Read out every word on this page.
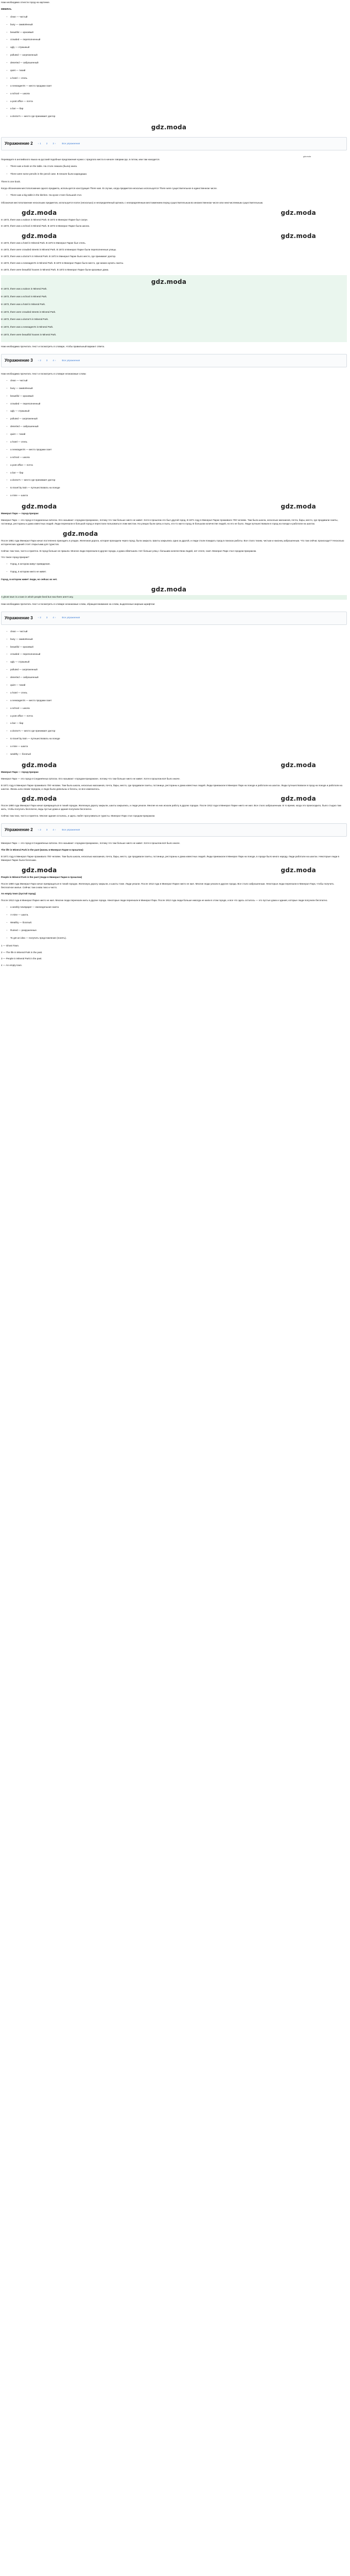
Нам необходимо отнести город на картинке.

MINERAL

– clean — чистый
– busy — оживлённый
– beautiful — красивый
– crowded — переполненный
– ugly — страшный
– polluted — загрязненный
– deserted — заброшенный
– quiet — тихий
– a hotel — отель
– a newsagent's — место продажи газет
– a school — школа
– a post office — почта
– a bar — бар
– a doctor's — место где принимает доктор
gdz.moda
Упражнение 2 ‹ 1 2 3 ›	Все упражнения
gdz.moda

Переведите в английского языка на русский подобные предложения нужно с предлога места в начале говорим где, в потом, кем там находится.

– There was a book on the table. На столе лежала (была) книга.
– There were some pencils in the pencil case. В пенале были карандаши.

There is one book.

Когда обозначаем местоположение одного предмета, используется конструкция There was. В случае, когда предметов несколько используется There were существительное в единственном числе.

– There was a big table in the kitchen. На кухне стоял большой стол.

Обозначая местоположение нескольких предметов, используется some (несколько) и неопределённый артикль с неопределённым местоимением перед существительным во множественном числе или неисчисляемым существительным.

gdz.moda	gdz.moda

In 1872, there was a saloon in Mineral Park. В 1872 в Минерал Парке был салун.

In 1872, there was a school in Mineral Park. В 1872 в Минерал Парке была школа.

gdz.moda	gdz.moda

In 1872, there was a hotel in Mineral Park. В 1872 в Минерал Парке был отель.

In 1872, there were crowded streets in Mineral Park. В 1872 в Минерал Парке были переполненные улицы.

In 1872, there was a doctor's in Mineral Park. В 1872 в Минерал Парке было место, где принимает доктор.

In 1872, there was a newsagent's in Mineral Park. В 1872 в Минерал Парке было место, где можно купить газеты.

In 1872, there were beautiful houses in Mineral Park. В 1872 в Минерал Парке были красивые дома.

gdz.moda

In 1872, there was a saloon in Mineral Park.

In 1872, there was a school in Mineral Park.

In 1872, there was a hotel in Mineral Park.

In 1872, there were crowded streets in Mineral Park.

In 1872, there was a doctor's in Mineral Park.

In 1872, there was a newsagent's in Mineral Park.

In 1872, there were beautiful houses in Mineral Park.

Нам необходимо прочитать текст и посмотреть в словаре, чтобы правильный вариант ответа.

Упражнение 3 ‹ 2 3 4 ›	Все упражнения

Нам необходимо прочитать текст и посмотреть в словаре незнакомые слова:

– clean — чистый
– busy — оживлённый
– beautiful — красивый
– crowded — переполненный
– ugly — страшный
– polluted — загрязненный
– deserted — заброшенный
– quiet — тихий
– a hotel — отель
– a newsagent's — место продажи газет
– a school — школа
– a post office — почта
– a bar — бар
– a doctor's — место где принимает доктор
– to travel by train — путешествовать на поезде
– a mine — шахта
gdz.moda	gdz.moda

Минерал Парк — город-призрак

Минерал Парк — это город в Соединенных Штатах. Его называют «городом-призраком», потому что там больше никто не живет. Хотя в прошлом это был другой город. В 1871 году в Минерал Парке проживало 700 человек. Там была школа, несколько магазинов, почта, бары, место, где продавали газеты, гостиница, рестораны и дома известных людей. Люди переехали в большой город и перестали пользоваться этим местом. На улицах были грязь и пыль, кто-то жил в город. В большом количестве людей, но его не было. Люди путешествовали в город на поезде и работали на шахтах.

gdz.moda

После 1881 года Минерал Парк начал постепенно приходить в упадок. Железная дорога, которая проходила через город, была закрыта. Шахты закрылись одна за другой, и люди стали покидать город в поисках работы. Все стало тихим, чистым и наконец заброшенным. Что там сейчас происходит? Несколько исторических зданий стоят открытыми для туристов.

Сейчас там тихо, чисто и приятно. В город больше не пришли. Многие люди переехали в другие города, и дома обветшали. Нет больше улиц с большим количеством людей, нет отеля, газет. Минерал Парк стал городом-призраком.

Что такое город-призрак?

– Город, в котором живут привидения.
– Город, в котором никто не живет.

Город, в котором живет люди, но сейчас их нет.

gdz.moda

A ghost town is a town in which people lived but now there aren't any.

Нам необходимо прочитать текст и посмотреть в словаре незнакомые слова, обращая внимание на слова, выделенные жирным шрифтом:

Упражнение 3 ‹ 2 3 4 ›	Все упражнения
– clean — чистый
– busy — оживлённый
– beautiful — красивый
– crowded — переполненный
– ugly — страшный
– polluted — загрязненный
– deserted — заброшенный
– quiet — тихий
– a hotel — отель
– a newsagent's — место продажи газет
– a school — школа
– a post office — почта
– a bar — бар
– a doctor's — место где принимает доктор
– to travel by train — путешествовать на поезде
– a mine — шахта
– wealthy — богатый
gdz.moda	gdz.moda

Минерал Парк — город-призрак

Минерал Парк — это город в Соединённых Штатах. Его называют «городом-призраком», потому что там больше никто не живет. Хотя в прошлом всё было иначе.

В 1871 году в Минерал Парке проживало 700 человек. Там была школа, несколько магазинов, почта, бары, место, где продавали газеты, гостиница, рестораны и дома известных людей. Люди приезжали в Минерал Парк на поезде и работали на шахтах. Люди путешествовали в город на поезде и работали на шахтах. Жизнь шла своим чередом, и люди были довольны и богаты, но все изменилось.

gdz.moda	gdz.moda

После 1880 года Минерал Парк начал превращаться в тихий городок. Железную дорогу закрыли, шахты закрылись, и люди уехали. Многие из них искали работу в других городах. После 1912 года в Минерал Парке никто не жил. Все стало заброшенным. В то время, когда это происходило, было стыдно там жить, чтобы получать бесплатно, ведь пустые дома и здания получили бесплатно.

Сейчас там тихо, чисто и приятно. Многие здания остались, и здесь любят прогуливаться туристы. Минерал Парк стал городом-призраком.

Упражнение 2 ‹ 2 3 4 ›	Все упражнения

Минерал Парк — это город в Соединённых Штатах. Его называют «городом-призраком», потому что там больше никто не живет. Хотя в прошлом всё было иначе.

The life in Mineral Park in the past (жизнь в Минерал Парке в прошлом)

В 1871 году в Минерал Парке проживало 700 человек. Там была школа, несколько магазинов, почта, бары, место, где продавали газеты, гостиница, рестораны и дома известных людей. Люди приезжали в Минерал Парк на поезде, в городе было много народу. Люди работали на шахтах. Некоторые люди в Минерал Парке были богатыми.

gdz.moda	gdz.moda

People in Mineral Park in the past (люди в Минерал Парке в прошлом)

После 1880 года Минерал Парк начал превращаться в тихий городок. Железную дорогу закрыли, и шахты тоже. Люди уехали. После 1912 года в Минерал Парке никто не жил. Многие люди уехали в другие города. Все стало заброшенным. Некоторые люди переехали в Минерал Парк, чтобы получить бесплатное жилье. Сейчас там снова тихо и чисто.

An empty town (пустой город)

После 1912 года в Минерал Парке никто не жил. Многие люди переехали жить в другие города. Некоторые люди переехали в Минерал Парк. После 1912 года люди больше никогда не жили в этом городе, и все что здесь осталось — это пустые дома и здания, которые люди получили бесплатно.

– a weekly newspaper — еженедельная газета
– A mine — шахта.
– Wealthy — богатый.
– Ruined — разрушенные.
– To get an idea — получить представление (понять).

1 — Ghost Town.

2 — The life in Mineral Park in the past.

3 — People in Mineral Park in the past.

4 — An empty town.
